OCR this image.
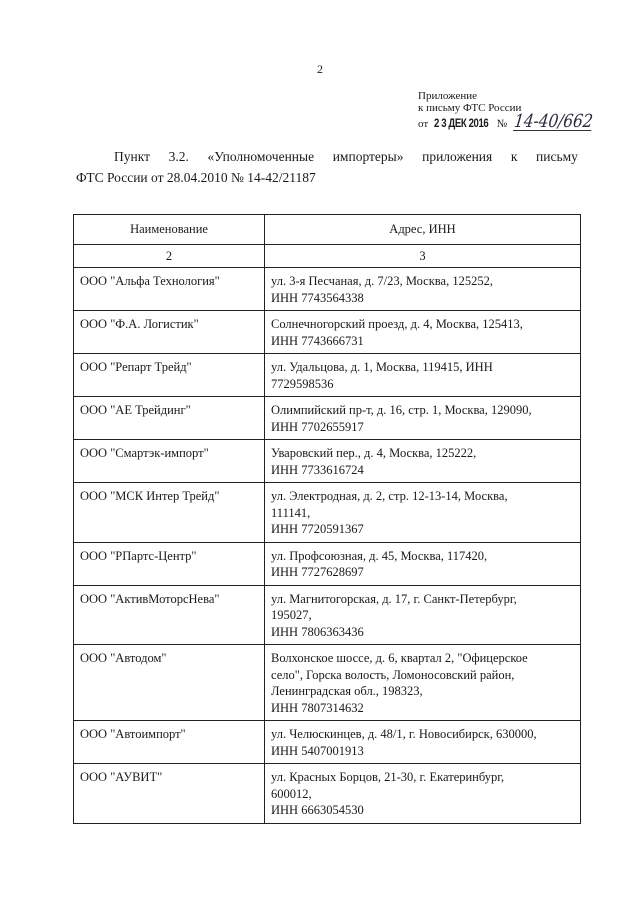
2
Приложение
к письму ФТС России
от 2 3 ДЕК 2016 № 14-40/662
Пункт 3.2. «Уполномоченные импортеры» приложения к письму
ФТС России от 28.04.2010 № 14-42/21187
Наименование	Адрес, ИНН
2	3
ООО "Альфа Технология"	ул. 3-я Песчаная, д. 7/23, Москва, 125252,
ИНН 7743564338

ООО "Ф.А. Логистик"	Солнечногорский проезд, д. 4, Москва, 125413,
ИНН 7743666731

ООО "Репарт Трейд"	ул. Удальцова, д. 1, Москва, 119415, ИНН
7729598536

ООО "АЕ Трейдинг"	Олимпийский пр-т, д. 16, стр. 1, Москва, 129090,
ИНН 7702655917

ООО "Смартэк-импорт"	Уваровский пер., д. 4, Москва, 125222,
ИНН 7733616724

ООО "МСК Интер Трейд"	ул. Электродная, д. 2, стр. 12-13-14, Москва,
111141,
ИНН 7720591367

ООО "РПартс-Центр"	ул. Профсоюзная, д. 45, Москва, 117420,
ИНН 7727628697

ООО "АктивМоторсНева"	ул. Магнитогорская, д. 17, г. Санкт-Петербург,
195027,
ИНН 7806363436

ООО "Автодом"	Волхонское шоссе, д. 6, квартал 2, "Офицерское
село", Горска волость, Ломоносовский район,
Ленинградская обл., 198323,
ИНН 7807314632

ООО "Автоимпорт"	ул. Челюскинцев, д. 48/1, г. Новосибирск, 630000,
ИНН 5407001913

ООО "АУВИТ"	ул. Красных Борцов, 21-30, г. Екатеринбург,
600012,
ИНН 6663054530
